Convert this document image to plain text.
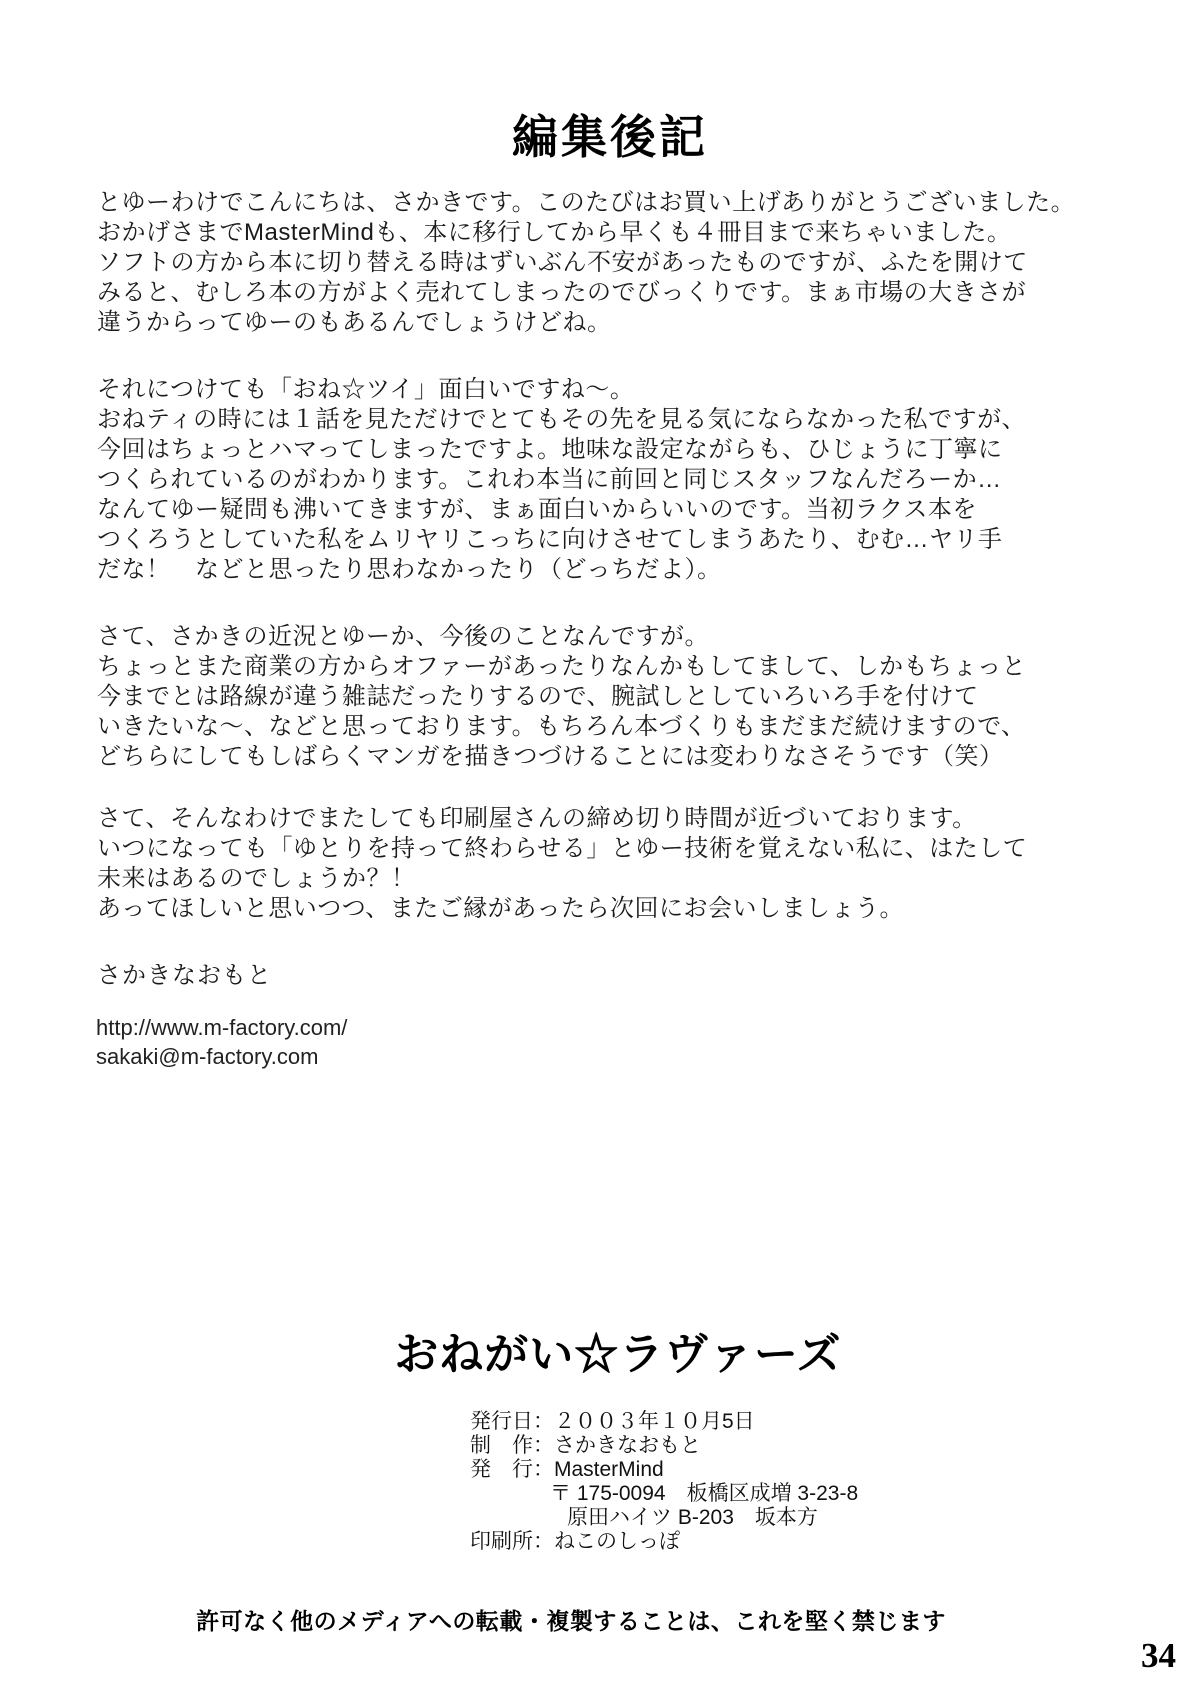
編集後記
とゆーわけでこんにちは、さかきです。このたびはお買い上げありがとうございました。
おかげさまでMasterMindも、本に移行してから早くも４冊目まで来ちゃいました。
ソフトの方から本に切り替える時はずいぶん不安があったものですが、ふたを開けて
みると、むしろ本の方がよく売れてしまったのでびっくりです。まぁ市場の大きさが
違うからってゆーのもあるんでしょうけどね。
それにつけても「おね☆ツイ」面白いですね～。
おねティの時には１話を見ただけでとてもその先を見る気にならなかった私ですが、
今回はちょっとハマってしまったですよ。地味な設定ながらも、ひじょうに丁寧に
つくられているのがわかります。これわ本当に前回と同じスタッフなんだろーか…
なんてゆー疑問も沸いてきますが、まぁ面白いからいいのです。当初ラクス本を
つくろうとしていた私をムリヤリこっちに向けさせてしまうあたり、むむ…ヤリ手
だな！　などと思ったり思わなかったり（どっちだよ）。
さて、さかきの近況とゆーか、今後のことなんですが。
ちょっとまた商業の方からオファーがあったりなんかもしてまして、しかもちょっと
今までとは路線が違う雑誌だったりするので、腕試しとしていろいろ手を付けて
いきたいな～、などと思っております。もちろん本づくりもまだまだ続けますので、
どちらにしてもしばらくマンガを描きつづけることには変わりなさそうです（笑）
さて、そんなわけでまたしても印刷屋さんの締め切り時間が近づいております。
いつになっても「ゆとりを持って終わらせる」とゆー技術を覚えない私に、はたして
未来はあるのでしょうか？！
あってほしいと思いつつ、またご縁があったら次回にお会いしましょう。
さかきなおもと
http://www.m-factory.com/
sakaki@m-factory.com
おねがい☆ラヴァーズ
発行日：２００３年１０月5日
制　作：さかきなおもと
発　行：MasterMind
〒 175-0094　板橋区成増 3-23-8
原田ハイツ B-203　坂本方
印刷所：ねこのしっぽ
許可なく他のメディアへの転載・複製することは、これを堅く禁じます
34
